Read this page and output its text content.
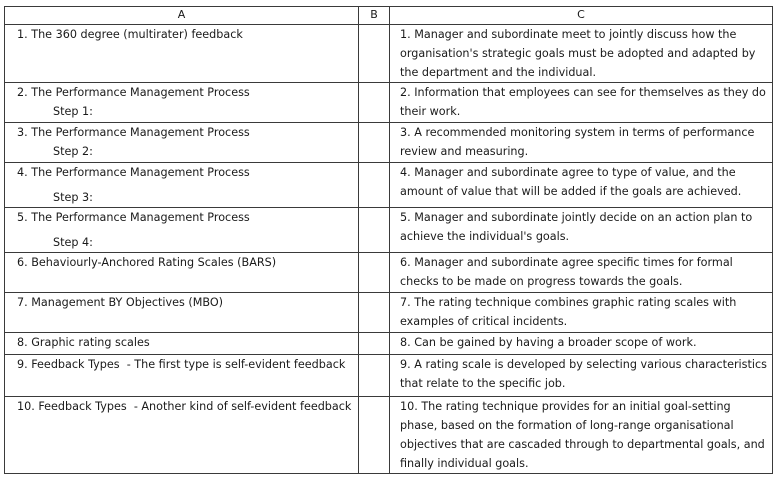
A	B	C

1. The 360 degree (multirater) feedback		1. Manager and subordinate meet to jointly discuss how the organisation's strategic goals must be adopted and adapted by the department and the individual.

2. The Performance Management Process
Step 1:		2. Information that employees can see for themselves as they do their work.

3. The Performance Management Process
Step 2:		3. A recommended monitoring system in terms of performance review and measuring.

4. The Performance Management Process
Step 3:		4. Manager and subordinate agree to type of value, and the amount of value that will be added if the goals are achieved.

5. The Performance Management Process
Step 4:		5. Manager and subordinate jointly decide on an action plan to achieve the individual's goals.

6. Behaviourly-Anchored Rating Scales (BARS)		6. Manager and subordinate agree specific times for formal checks to be made on progress towards the goals.

7. Management BY Objectives (MBO)		7. The rating technique combines graphic rating scales with examples of critical incidents.

8. Graphic rating scales		8. Can be gained by having a broader scope of work.

9. Feedback Types  - The first type is self-evident feedback		9. A rating scale is developed by selecting various characteristics that relate to the specific job.

10. Feedback Types  - Another kind of self-evident feedback		10. The rating technique provides for an initial goal-setting phase, based on the formation of long-range organisational objectives that are cascaded through to departmental goals, and finally individual goals.
